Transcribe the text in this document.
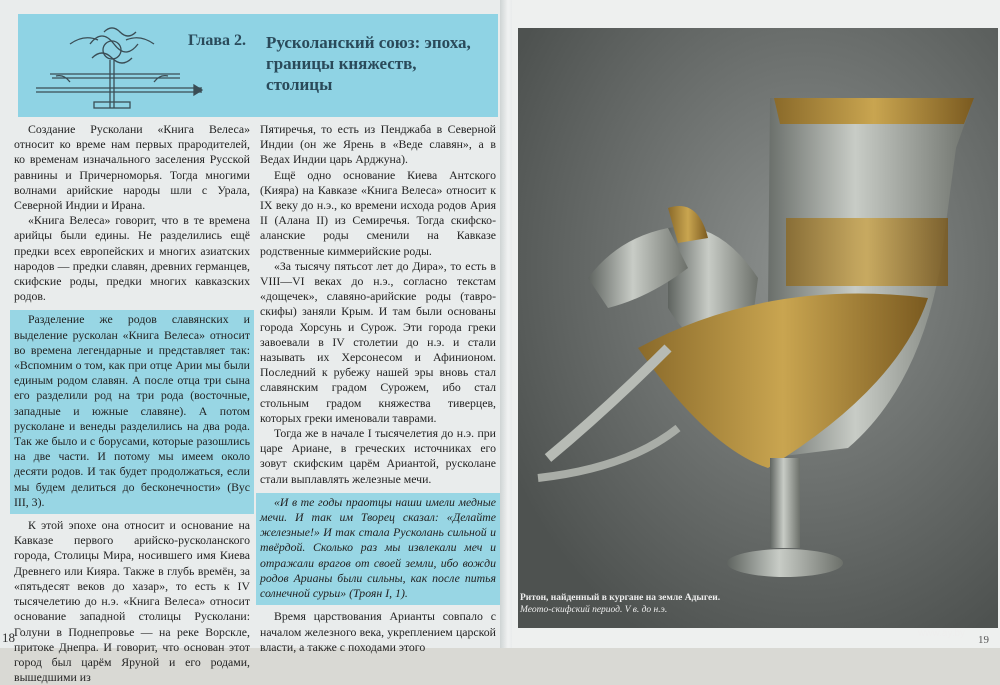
Глава 2. Русколанский союз: эпоха, границы княжеств, столицы

Создание Русколани «Книга Велеса» относит ко време нам первых прародителей, ко временам изначального заселения Русской равнины и Причерноморья. Тогда многими волнами арийские народы шли с Урала, Северной Индии и Ирана.

«Книга Велеса» говорит, что в те времена арийцы были едины. Не разделились ещё предки всех европейских и многих азиатских народов — предки славян, древних германцев, скифские роды, предки многих кавказских родов.

Разделение же родов славянских и выделение русколан «Книга Велеса» относит во времена легендарные и представляет так: «Вспомним о том, как при отце Арии мы были единым родом славян. А после отца три сына его разделили род на три рода (восточные, западные и южные славяне). А потом русколане и венеды разделились на два рода. Так же было и с борусами, которые разошлись на две части. И потому мы имеем около десяти родов. И так будет продолжаться, если мы будем делиться до бесконечности» (Вус III, 3).

К этой эпохе она относит и основание на Кавказе первого арийско-русколанского города, Столицы Мира, носившего имя Киева Древнего или Кияра. Также в глубь времён, за «пятьдесят веков до хазар», то есть к IV тысячелетию до н.э. «Книга Велеса» относит основание западной столицы Русколани: Голуни в Поднепровье — на реке Ворскле, притоке Днепра. И говорит, что основан этот город был царём Яруной и его родами, вышедшими из

Пятиречья, то есть из Пенджаба в Северной Индии (он же Ярень в «Веде славян», а в Ведах Индии царь Арджуна).

Ещё одно основание Киева Антского (Кияра) на Кавказе «Книга Велеса» относит к IX веку до н.э., ко времени исхода родов Ария II (Алана II) из Семиречья. Тогда скифско-аланские роды сменили на Кавказе родственные киммерийские роды.

«За тысячу пятьсот лет до Дира», то есть в VIII—VI веках до н.э., согласно текстам «дощечек», славяно-арийские роды (тавро-скифы) заняли Крым. И там были основаны города Хорсунь и Сурож. Эти города греки завоевали в IV столетии до н.э. и стали называть их Херсонесом и Афинионом. Последний к рубежу нашей эры вновь стал славянским градом Сурожем, ибо стал стольным градом княжества тиверцев, которых греки именовали таврами.

Тогда же в начале I тысячелетия до н.э. при царе Ариане, в греческих источниках его зовут скифским царём Ариантой, русколане стали выплавлять железные мечи.

«И в те годы праотцы наши имели медные мечи. И так им Творец сказал: «Делайте железные!» И так стала Русколань сильной и твёрдой. Сколько раз мы извлекали меч и отражали врагов от своей земли, ибо вожди родов Арианы были сильны, как после питья солнечной сурьи» (Троян I, 1).

Время царствования Арианты совпало с началом железного века, укреплением царской власти, а также с походами этого

18
Ритон, найденный в кургане на земле Адыгеи.
Меото-скифский период. V в. до н.э.
19
www.ay.by
